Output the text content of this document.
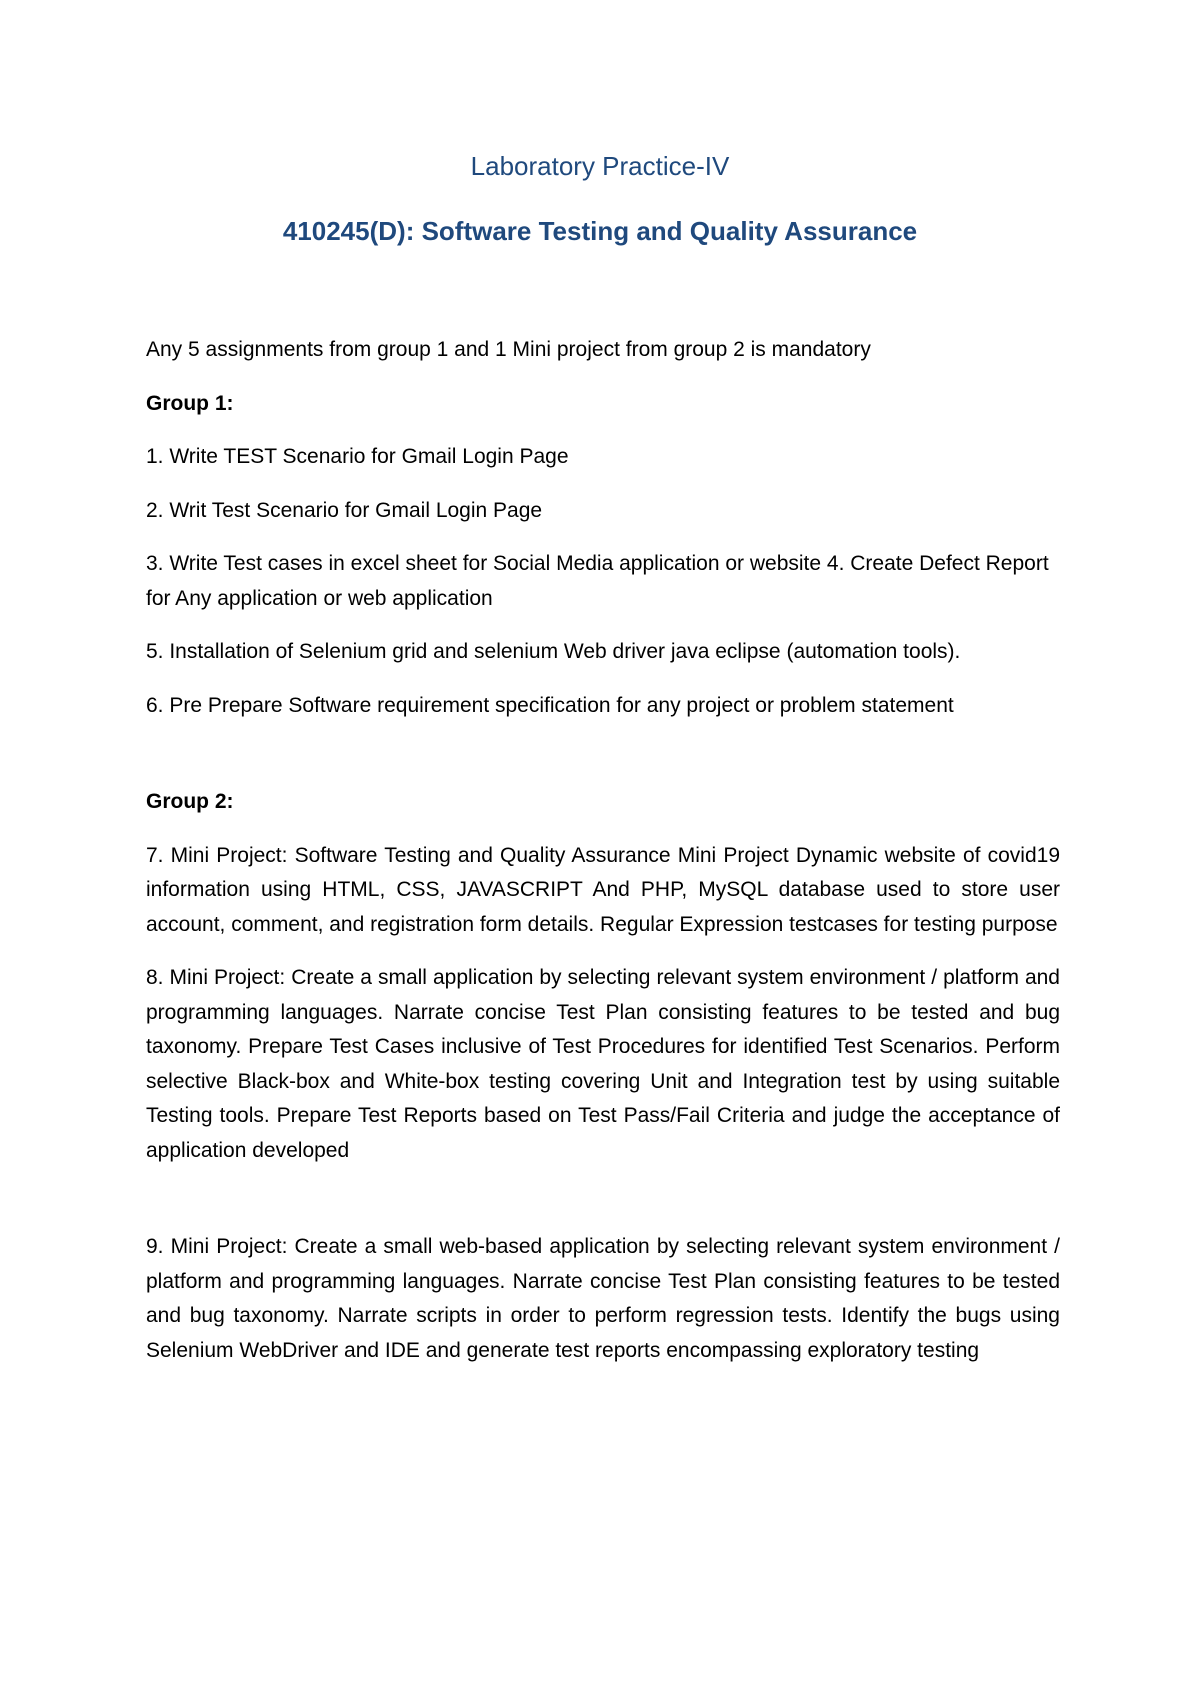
Laboratory Practice-IV
410245(D): Software Testing and Quality Assurance

Any 5 assignments from group 1 and 1 Mini project from group 2 is mandatory

Group 1:

1. Write TEST Scenario for Gmail Login Page

2. Writ Test Scenario for Gmail Login Page

3. Write Test cases in excel sheet for Social Media application or website 4. Create Defect Report for Any application or web application

5. Installation of Selenium grid and selenium Web driver java eclipse (automation tools).

6. Pre Prepare Software requirement specification for any project or problem statement

Group 2:

7. Mini Project: Software Testing and Quality Assurance Mini Project Dynamic website of covid19 information using HTML, CSS, JAVASCRIPT And PHP, MySQL database used to store user account, comment, and registration form details. Regular Expression testcases for testing purpose

8. Mini Project: Create a small application by selecting relevant system environment / platform and programming languages. Narrate concise Test Plan consisting features to be tested and bug taxonomy. Prepare Test Cases inclusive of Test Procedures for identified Test Scenarios. Perform selective Black-box and White-box testing covering Unit and Integration test by using suitable Testing tools. Prepare Test Reports based on Test Pass/Fail Criteria and judge the acceptance of application developed

9. Mini Project: Create a small web-based application by selecting relevant system environment / platform and programming languages. Narrate concise Test Plan consisting features to be tested and bug taxonomy. Narrate scripts in order to perform regression tests. Identify the bugs using Selenium WebDriver and IDE and generate test reports encompassing exploratory testing
